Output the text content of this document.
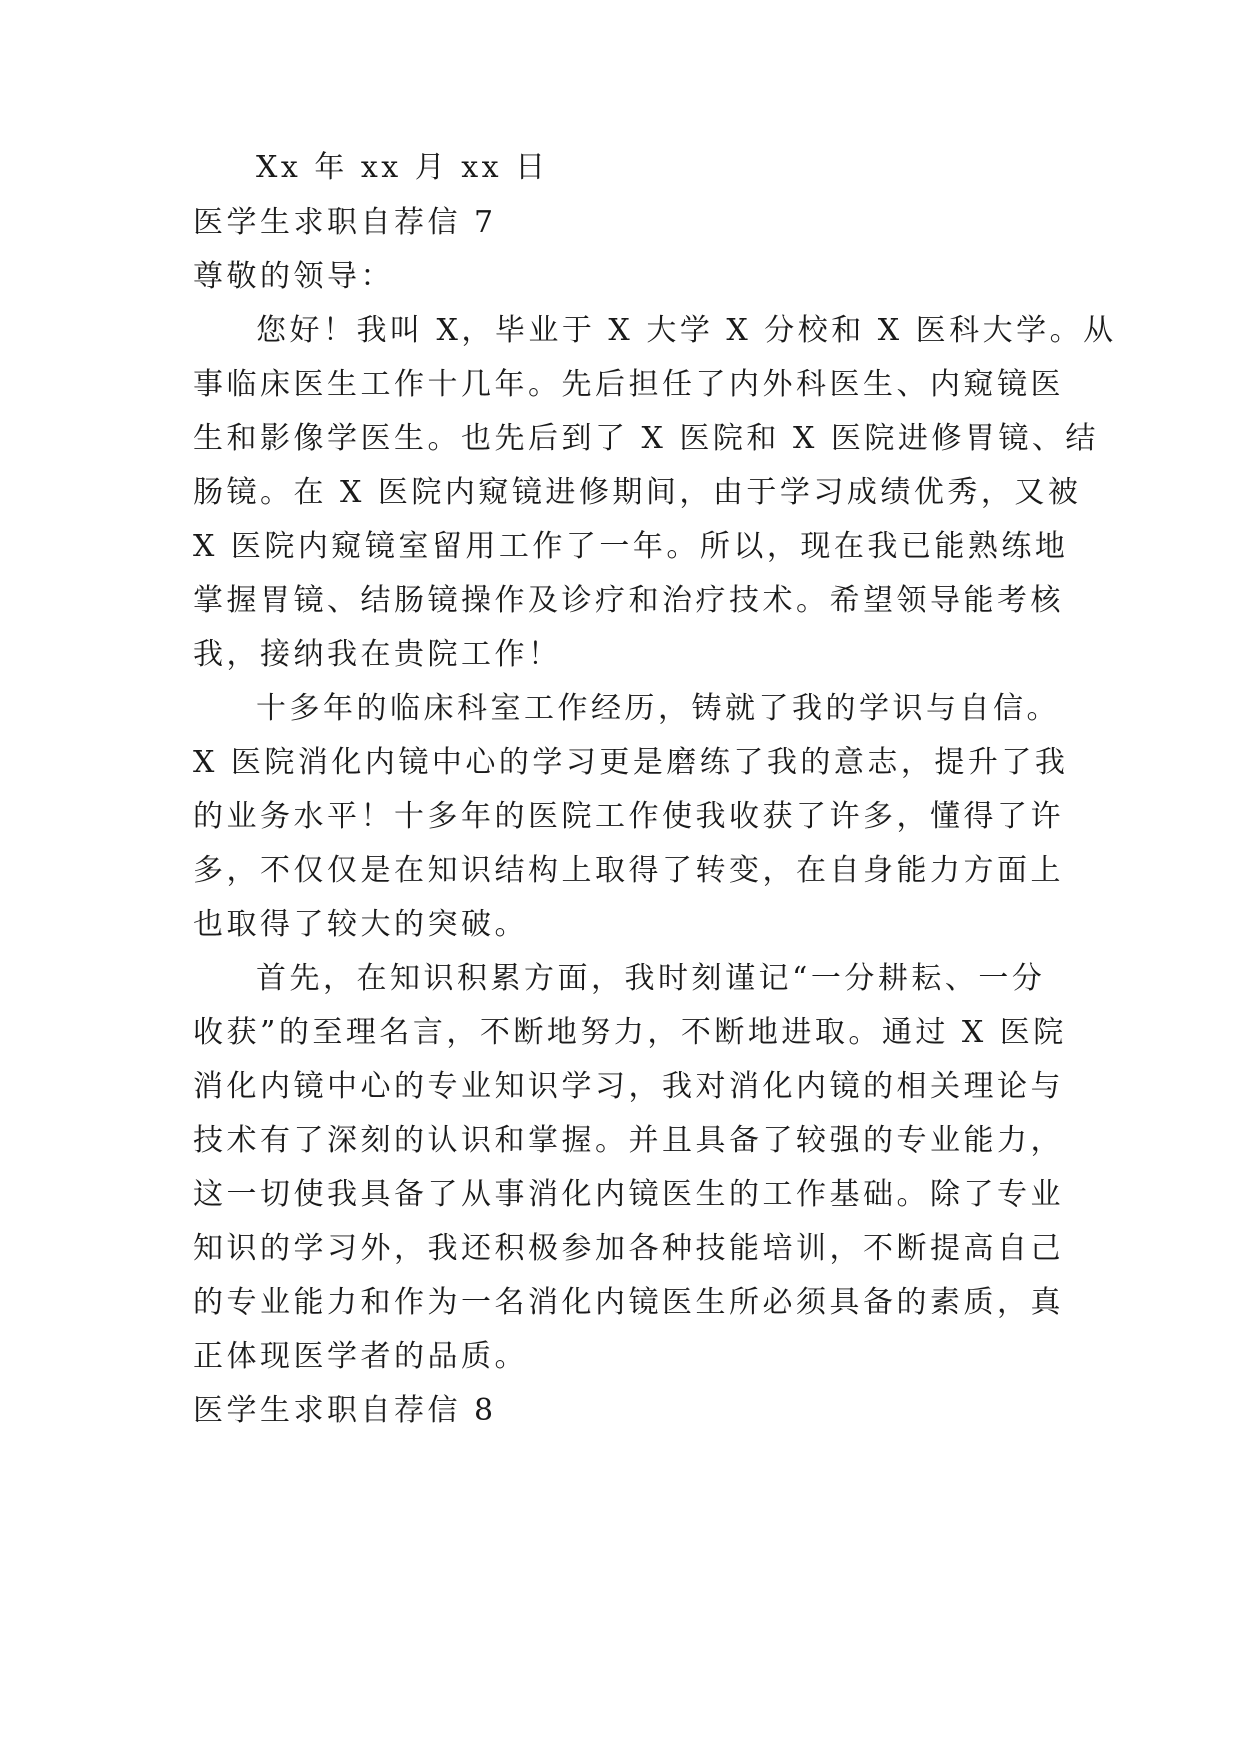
Xx 年 xx 月 xx 日
医学生求职自荐信 7
尊敬的领导：
您好！我叫 X，毕业于 X 大学 X 分校和 X 医科大学。从
事临床医生工作十几年。先后担任了内外科医生、内窥镜医
生和影像学医生。也先后到了 X 医院和 X 医院进修胃镜、结
肠镜。在 X 医院内窥镜进修期间，由于学习成绩优秀，又被
X 医院内窥镜室留用工作了一年。所以，现在我已能熟练地
掌握胃镜、结肠镜操作及诊疗和治疗技术。希望领导能考核
我，接纳我在贵院工作！
十多年的临床科室工作经历，铸就了我的学识与自信。
X 医院消化内镜中心的学习更是磨练了我的意志，提升了我
的业务水平！十多年的医院工作使我收获了许多，懂得了许
多，不仅仅是在知识结构上取得了转变，在自身能力方面上
也取得了较大的突破。
首先，在知识积累方面，我时刻谨记“一分耕耘、一分
收获”的至理名言，不断地努力，不断地进取。通过 X 医院
消化内镜中心的专业知识学习，我对消化内镜的相关理论与
技术有了深刻的认识和掌握。并且具备了较强的专业能力，
这一切使我具备了从事消化内镜医生的工作基础。除了专业
知识的学习外，我还积极参加各种技能培训，不断提高自己
的专业能力和作为一名消化内镜医生所必须具备的素质，真
正体现医学者的品质。
医学生求职自荐信 8
